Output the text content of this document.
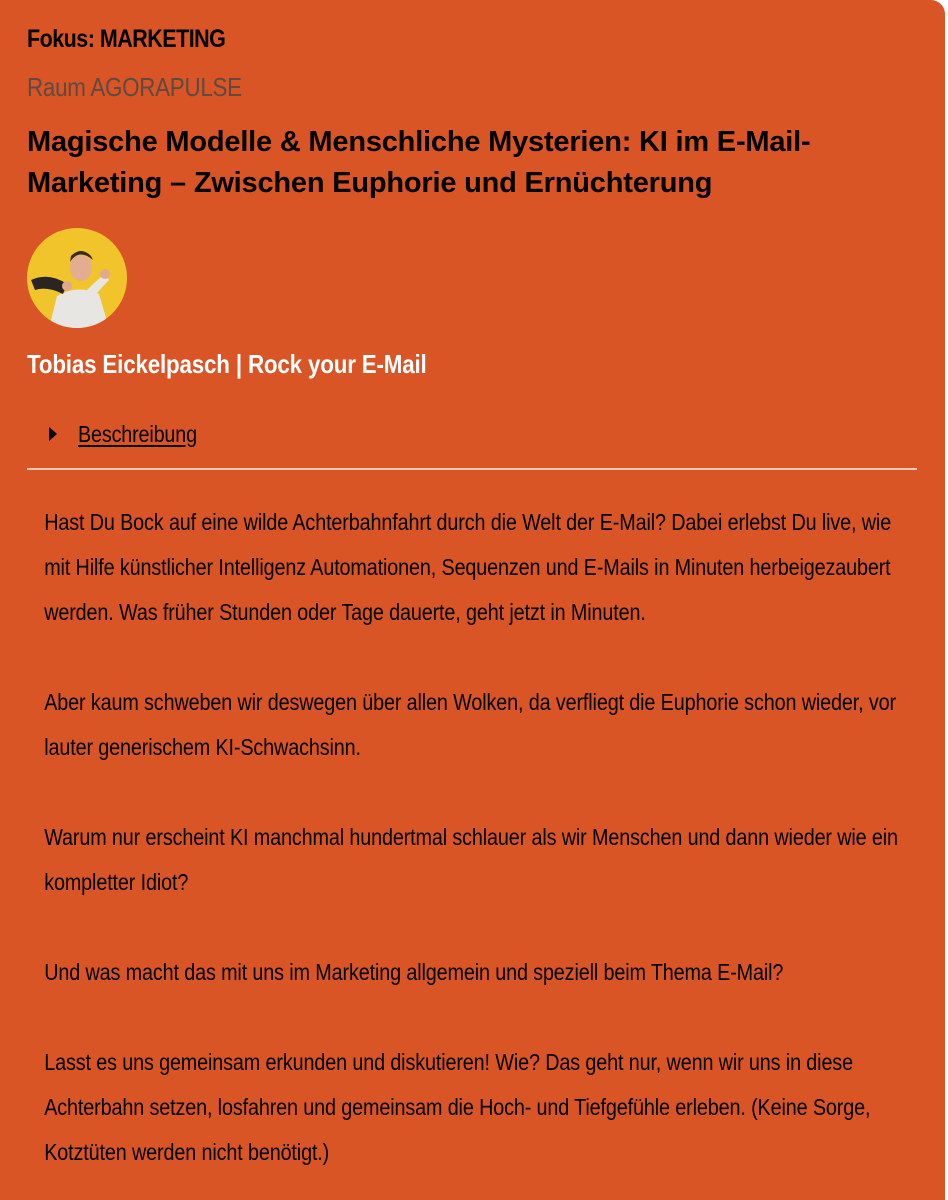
Fokus: MARKETING
Raum AGORAPULSE
Magische Modelle & Menschliche Mysterien: KI im E-Mail-Marketing – Zwischen Euphorie und Ernüchterung
Tobias Eickelpasch | Rock your E-Mail
Beschreibung

Hast Du Bock auf eine wilde Achterbahnfahrt durch die Welt der E-Mail? Dabei erlebst Du live, wie mit Hilfe künstlicher Intelligenz Automationen, Sequenzen und E-Mails in Minuten herbeigezaubert werden. Was früher Stunden oder Tage dauerte, geht jetzt in Minuten.

Aber kaum schweben wir deswegen über allen Wolken, da verfliegt die Euphorie schon wieder, vor lauter generischem KI-Schwachsinn.

Warum nur erscheint KI manchmal hundertmal schlauer als wir Menschen und dann wieder wie ein kompletter Idiot?

Und was macht das mit uns im Marketing allgemein und speziell beim Thema E-Mail?

Lasst es uns gemeinsam erkunden und diskutieren! Wie? Das geht nur, wenn wir uns in diese Achterbahn setzen, losfahren und gemeinsam die Hoch- und Tiefgefühle erleben. (Keine Sorge, Kotztüten werden nicht benötigt.)
